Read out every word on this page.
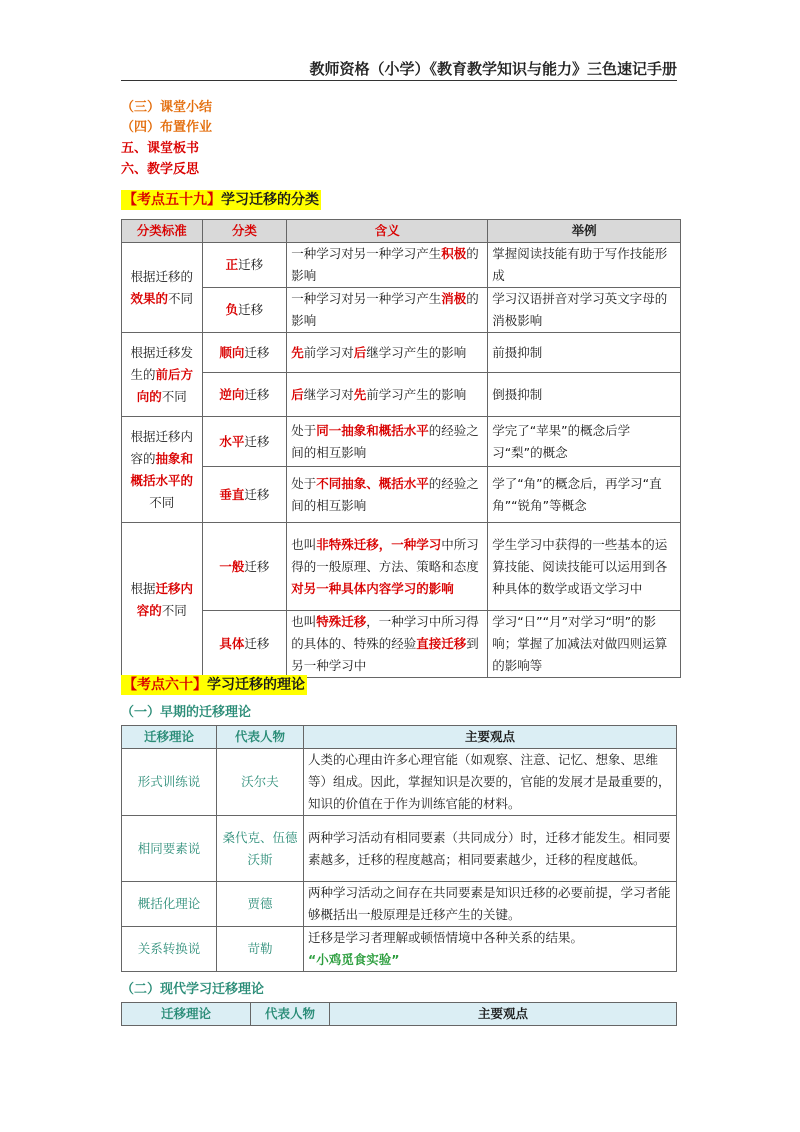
教师资格（小学）《教育教学知识与能力》三色速记手册
（三）课堂小结
（四）布置作业
五、课堂板书
六、教学反思
【考点五十九】学习迁移的分类
分类标准	分类	含义	举例
根据迁移的效果的不同	正迁移	一种学习对另一种学习产生积极的影响	掌握阅读技能有助于写作技能形成
	负迁移	一种学习对另一种学习产生消极的影响	学习汉语拼音对学习英文字母的消极影响
根据迁移发生的前后方向的不同	顺向迁移	先前学习对后继学习产生的影响	前摄抑制
	逆向迁移	后继学习对先前学习产生的影响	倒摄抑制
根据迁移内容的抽象和概括水平的不同	水平迁移	处于同一抽象和概括水平的经验之间的相互影响	学完了“苹果”的概念后学习“梨”的概念
	垂直迁移	处于不同抽象、概括水平的经验之间的相互影响	学了“角”的概念后，再学习“直角”“锐角”等概念
根据迁移内容的不同	一般迁移	也叫非特殊迁移，一种学习中所习得的一般原理、方法、策略和态度对另一种具体内容学习的影响	学生学习中获得的一些基本的运算技能、阅读技能可以运用到各种具体的数学或语文学习中
	具体迁移	也叫特殊迁移，一种学习中所习得的具体的、特殊的经验直接迁移到另一种学习中	学习“日”“月”对学习“明”的影响；掌握了加减法对做四则运算的影响等
【考点六十】学习迁移的理论
（一）早期的迁移理论
迁移理论	代表人物	主要观点
形式训练说	沃尔夫	人类的心理由许多心理官能（如观察、注意、记忆、想象、思维等）组成。因此，掌握知识是次要的，官能的发展才是最重要的，知识的价值在于作为训练官能的材料。
相同要素说	桑代克、伍德沃斯	两种学习活动有相同要素（共同成分）时，迁移才能发生。相同要素越多，迁移的程度越高；相同要素越少，迁移的程度越低。
概括化理论	贾德	两种学习活动之间存在共同要素是知识迁移的必要前提，学习者能够概括出一般原理是迁移产生的关键。
关系转换说	苛勒	迁移是学习者理解或顿悟情境中各种关系的结果。
“小鸡觅食实验”
（二）现代学习迁移理论
迁移理论	代表人物	主要观点
